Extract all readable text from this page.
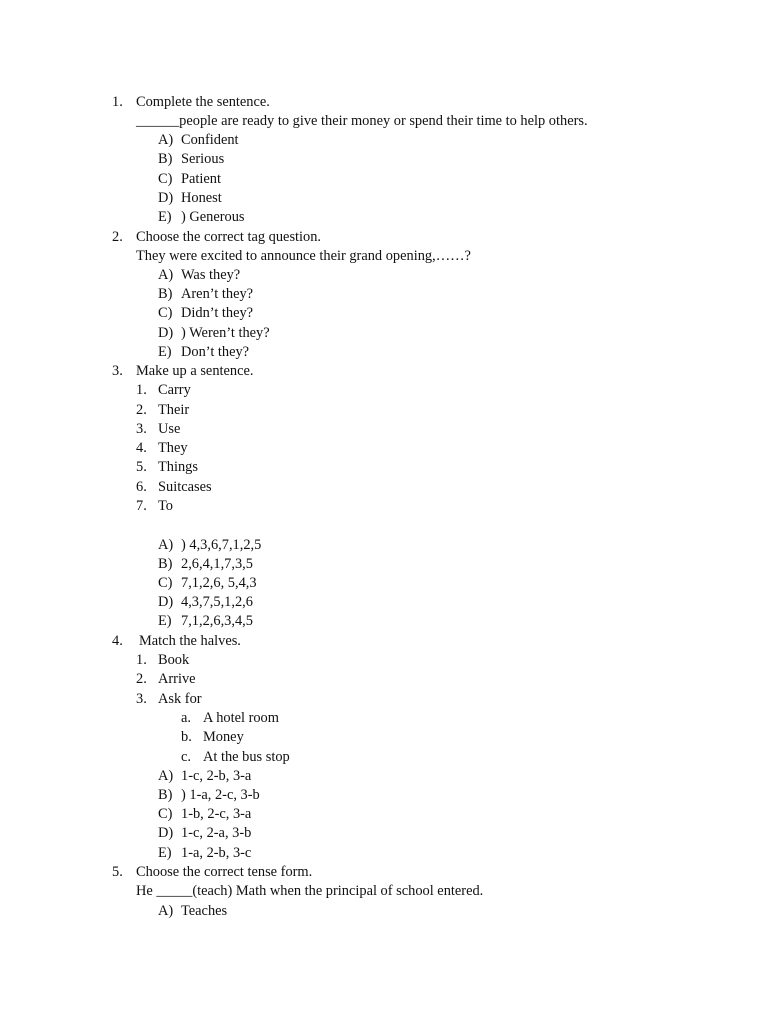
1. Complete the sentence.
______people are ready to give their money or spend their time to help others.
A) Confident
B) Serious
C) Patient
D) Honest
E) ) Generous
2. Choose the correct tag question.
They were excited to announce their grand opening,……?
A) Was they?
B) Aren’t they?
C) Didn’t they?
D) ) Weren’t they?
E) Don’t they?
3. Make up a sentence.
1. Carry
2. Their
3. Use
4. They
5. Things
6. Suitcases
7. To
A) ) 4,3,6,7,1,2,5
B) 2,6,4,1,7,3,5
C) 7,1,2,6, 5,4,3
D) 4,3,7,5,1,2,6
E) 7,1,2,6,3,4,5
4. Match the halves.
1. Book
2. Arrive
3. Ask for
a. A hotel room
b. Money
c. At the bus stop
A) 1-c, 2-b, 3-a
B) ) 1-a, 2-c, 3-b
C) 1-b, 2-c, 3-a
D) 1-c, 2-a, 3-b
E) 1-a, 2-b, 3-c
5. Choose the correct tense form.
He _____(teach) Math when the principal of school entered.
A) Teaches
